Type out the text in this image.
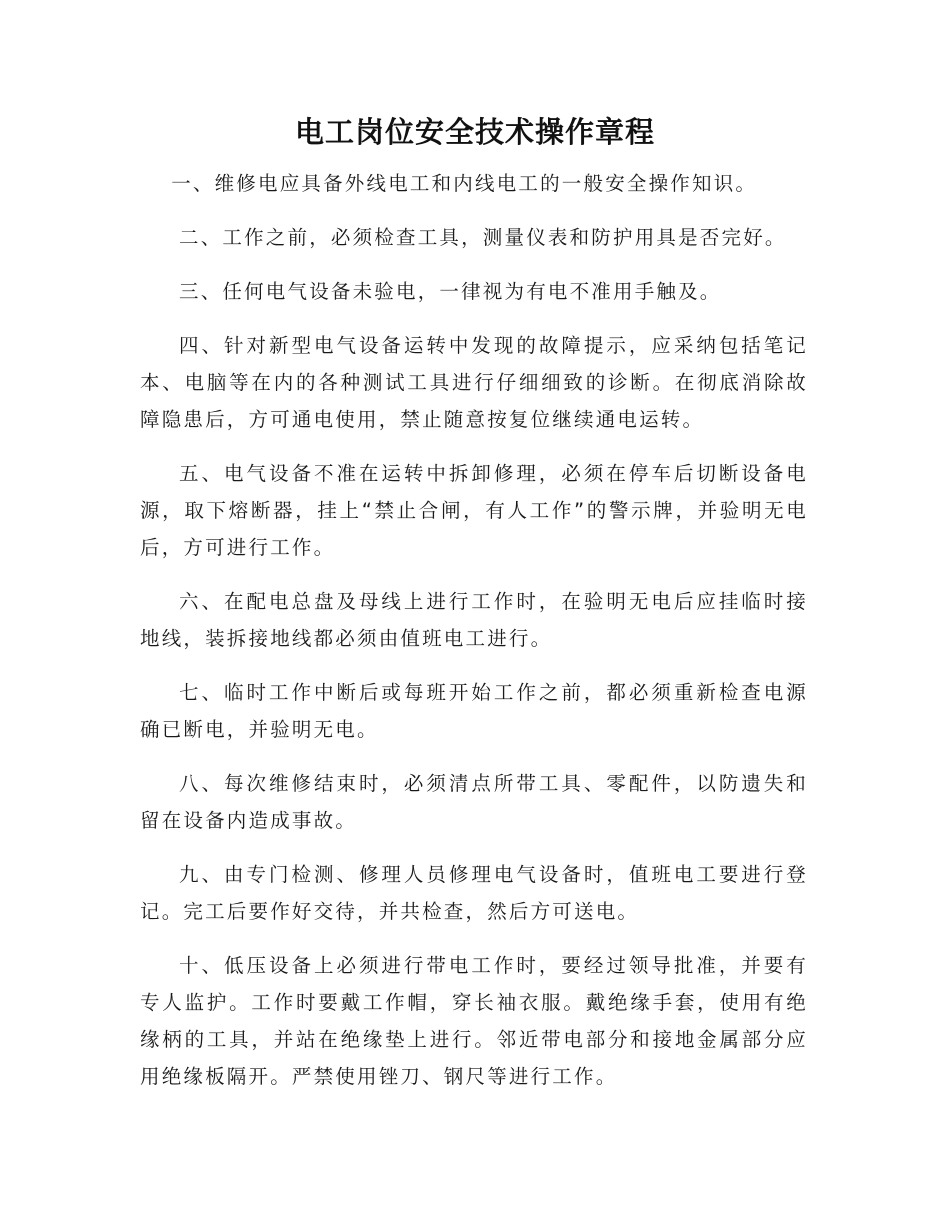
电工岗位安全技术操作章程

一、维修电应具备外线电工和内线电工的一般安全操作知识。

二、工作之前，必须检查工具，测量仪表和防护用具是否完好。

三、任何电气设备未验电，一律视为有电不准用手触及。

四、针对新型电气设备运转中发现的故障提示，应采纳包括笔记本、电脑等在内的各种测试工具进行仔细细致的诊断。在彻底消除故障隐患后，方可通电使用，禁止随意按复位继续通电运转。

五、电气设备不准在运转中拆卸修理，必须在停车后切断设备电源，取下熔断器，挂上“禁止合闸，有人工作”的警示牌，并验明无电后，方可进行工作。

六、在配电总盘及母线上进行工作时，在验明无电后应挂临时接地线，装拆接地线都必须由值班电工进行。

七、临时工作中断后或每班开始工作之前，都必须重新检查电源确已断电，并验明无电。

八、每次维修结束时，必须清点所带工具、零配件，以防遗失和留在设备内造成事故。

九、由专门检测、修理人员修理电气设备时，值班电工要进行登记。完工后要作好交待，并共检查，然后方可送电。

十、低压设备上必须进行带电工作时，要经过领导批准，并要有专人监护。工作时要戴工作帽，穿长袖衣服。戴绝缘手套，使用有绝缘柄的工具，并站在绝缘垫上进行。邻近带电部分和接地金属部分应用绝缘板隔开。严禁使用锉刀、钢尺等进行工作。
